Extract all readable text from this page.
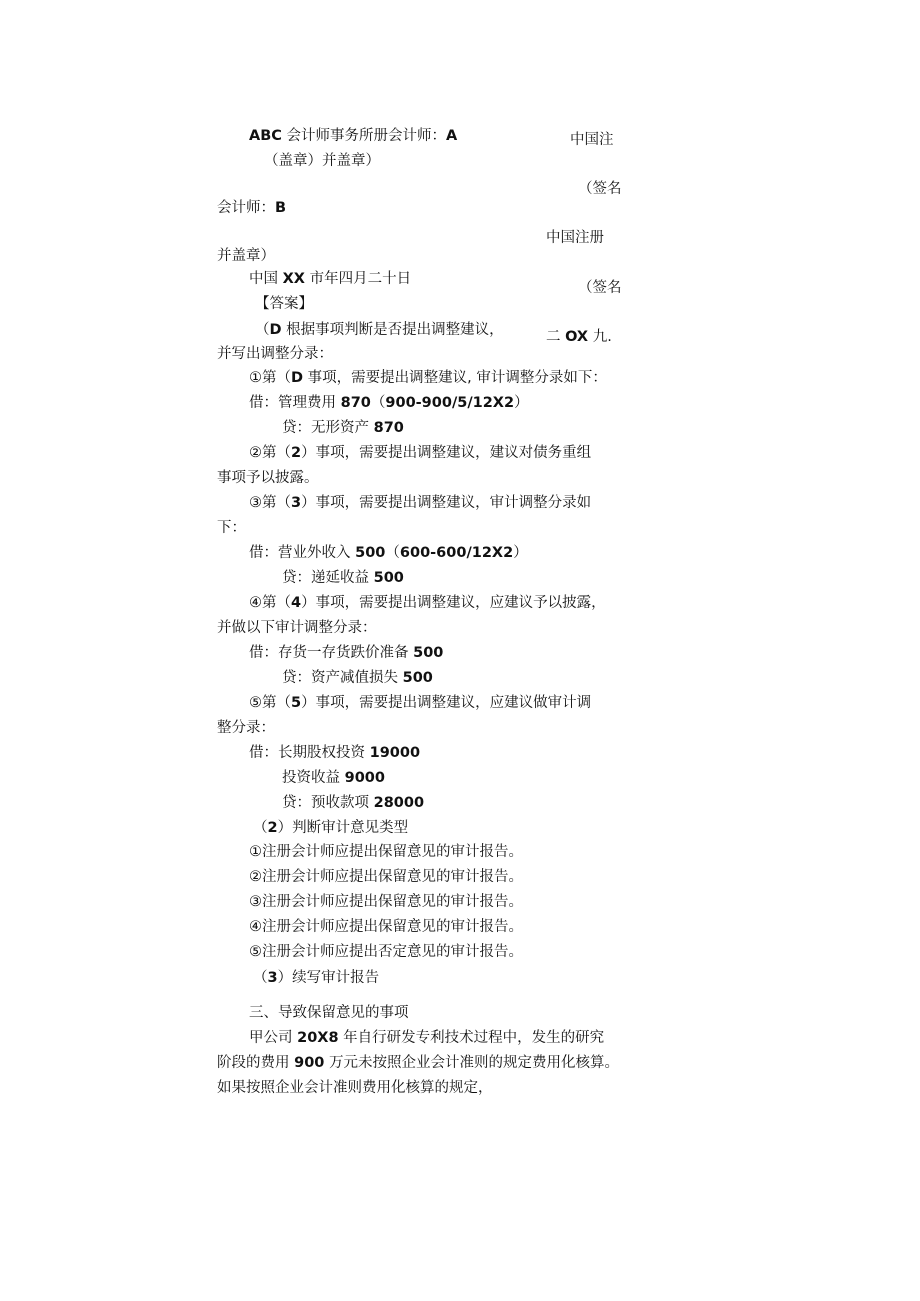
ABC 会计师事务所册会计师：A	中国注
（盖章）并盖章）
（签名
会计师：B
中国注册
并盖章）
中国 XX 市年四月二十日
（签名
【答案】
（D 根据事项判断是否提出调整建议，	二 OX 九.
并写出调整分录：
①第（D 事项，需要提出调整建议, 审计调整分录如下：
借：管理费用 870（900-900/5/12X2）
贷：无形资产 870
②第（2）事项，需要提出调整建议，建议对债务重组
事项予以披露。
③第（3）事项，需要提出调整建议，审计调整分录如
下：
借：营业外收入 500（600-600/12X2）
贷：递延收益 500
④第（4）事项，需要提出调整建议，应建议予以披露，
并做以下审计调整分录：
借：存货一存货跌价准备 500
贷：资产减值损失 500
⑤第（5）事项，需要提出调整建议，应建议做审计调
整分录：
借：长期股权投资 19000
投资收益 9000
贷：预收款项 28000
（2）判断审计意见类型
①注册会计师应提出保留意见的审计报告。
②注册会计师应提出保留意见的审计报告。
③注册会计师应提出保留意见的审计报告。
④注册会计师应提出保留意见的审计报告。
⑤注册会计师应提出否定意见的审计报告。
（3）续写审计报告
三、导致保留意见的事项
甲公司 20X8 年自行研发专利技术过程中，发生的研究
阶段的费用 900 万元未按照企业会计准则的规定费用化核算。
如果按照企业会计准则费用化核算的规定，
